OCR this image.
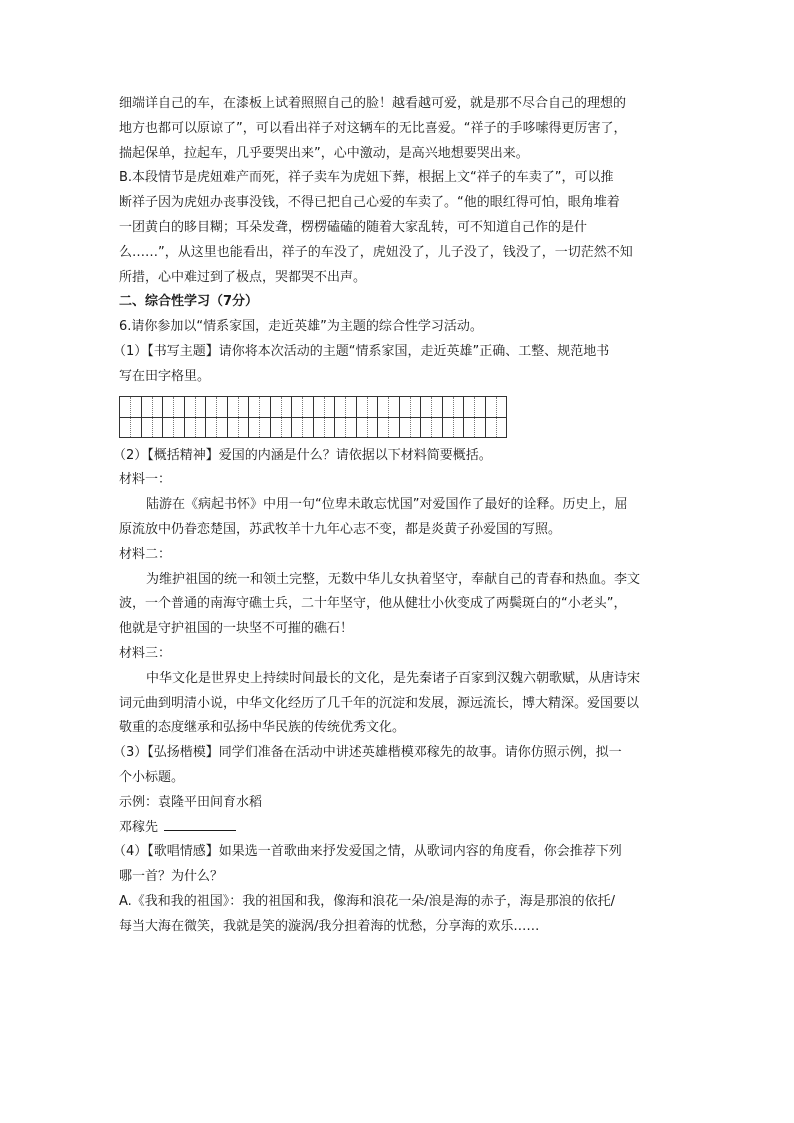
细端详自己的车，在漆板上试着照照自己的脸！越看越可爱，就是那不尽合自己的理想的
地方也都可以原谅了”，可以看出祥子对这辆车的无比喜爱。“祥子的手哆嗦得更厉害了，
揣起保单，拉起车，几乎要哭出来”，心中激动，是高兴地想要哭出来。
B.本段情节是虎妞难产而死，祥子卖车为虎妞下葬，根据上文“祥子的车卖了”，可以推
断祥子因为虎妞办丧事没钱，不得已把自己心爱的车卖了。“他的眼红得可怕，眼角堆着
一团黄白的眵目糊；耳朵发聋，楞楞磕磕的随着大家乱转，可不知道自己作的是什
么……”，从这里也能看出，祥子的车没了，虎妞没了，儿子没了，钱没了，一切茫然不知
所措，心中难过到了极点，哭都哭不出声。
二、综合性学习（7分）
6.请你参加以“情系家国，走近英雄”为主题的综合性学习活动。
（1）【书写主题】请你将本次活动的主题“情系家国，走近英雄”正确、工整、规范地书
写在田字格里。
（2）【概括精神】爱国的内涵是什么？请依据以下材料简要概括。
材料一：
陆游在《病起书怀》中用一句“位卑未敢忘忧国”对爱国作了最好的诠释。历史上，屈
原流放中仍眷恋楚国，苏武牧羊十九年心志不变，都是炎黄子孙爱国的写照。
材料二：
为维护祖国的统一和领土完整，无数中华儿女执着坚守，奉献自己的青春和热血。李文
波，一个普通的南海守礁士兵，二十年坚守，他从健壮小伙变成了两鬓斑白的“小老头”，
他就是守护祖国的一块坚不可摧的礁石！
材料三：
中华文化是世界史上持续时间最长的文化，是先秦诸子百家到汉魏六朝歌赋，从唐诗宋
词元曲到明清小说，中华文化经历了几千年的沉淀和发展，源远流长，博大精深。爱国要以
敬重的态度继承和弘扬中华民族的传统优秀文化。
（3）【弘扬楷模】同学们准备在活动中讲述英雄楷模邓稼先的故事。请你仿照示例，拟一
个小标题。
示例：袁隆平田间育水稻
邓稼先
（4）【歌唱情感】如果选一首歌曲来抒发爱国之情，从歌词内容的角度看，你会推荐下列
哪一首？为什么？
A.《我和我的祖国》：我的祖国和我，像海和浪花一朵/浪是海的赤子，海是那浪的依托/
每当大海在微笑，我就是笑的漩涡/我分担着海的忧愁，分享海的欢乐……
